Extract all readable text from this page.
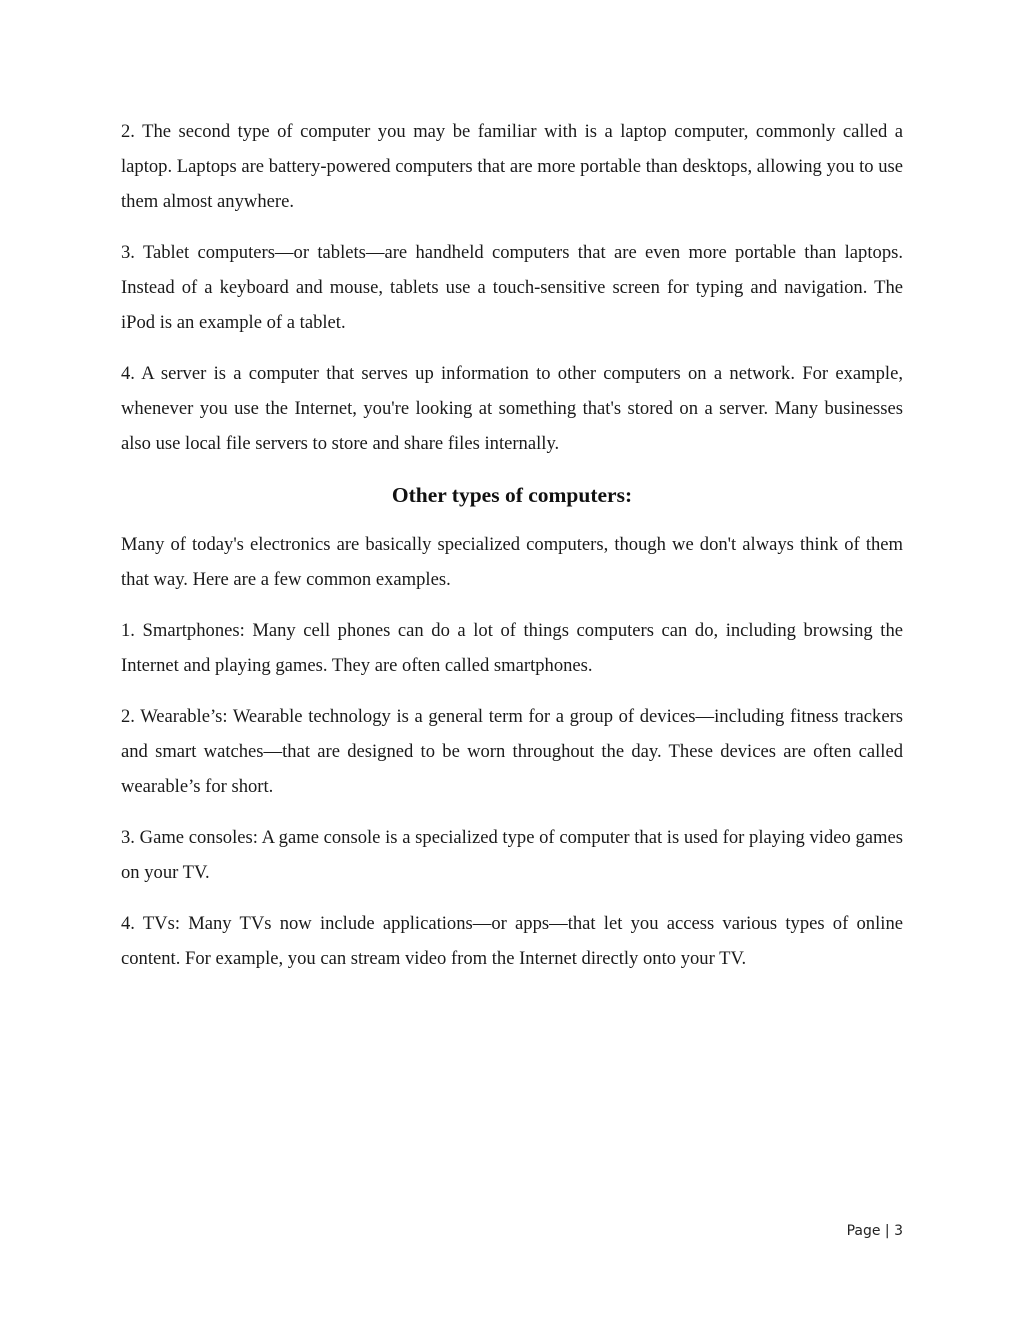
2. The second type of computer you may be familiar with is a laptop computer, commonly called a laptop. Laptops are battery-powered computers that are more portable than desktops, allowing you to use them almost anywhere.

3. Tablet computers—or tablets—are handheld computers that are even more portable than laptops. Instead of a keyboard and mouse, tablets use a touch-sensitive screen for typing and navigation. The iPod is an example of a tablet.

4. A server is a computer that serves up information to other computers on a network. For example, whenever you use the Internet, you're looking at something that's stored on a server. Many businesses also use local file servers to store and share files internally.

Other types of computers:

Many of today's electronics are basically specialized computers, though we don't always think of them that way. Here are a few common examples.

1. Smartphones: Many cell phones can do a lot of things computers can do, including browsing the Internet and playing games. They are often called smartphones.

2. Wearable’s: Wearable technology is a general term for a group of devices—including fitness trackers and smart watches—that are designed to be worn throughout the day. These devices are often called wearable’s for short.

3. Game consoles: A game console is a specialized type of computer that is used for playing video games on your TV.

4. TVs: Many TVs now include applications—or apps—that let you access various types of online content. For example, you can stream video from the Internet directly onto your TV.

Page | 3
